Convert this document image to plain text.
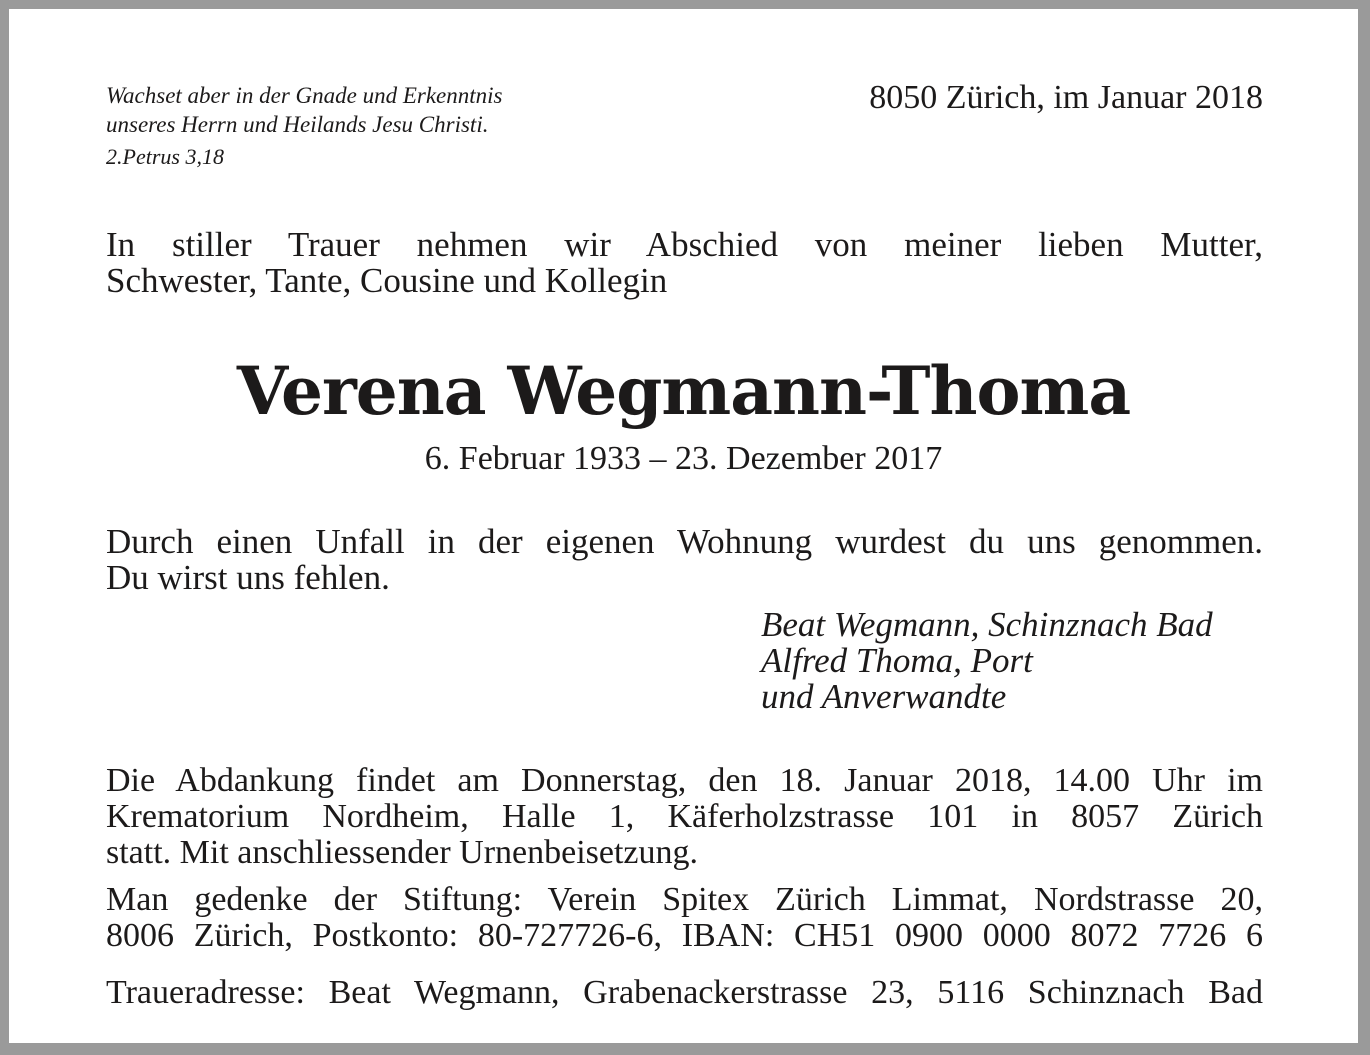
Wachset aber in der Gnade und Erkenntnis
unseres Herrn und Heilands Jesu Christi.
2.Petrus 3,18
8050 Zürich, im Januar 2018
In stiller Trauer nehmen wir Abschied von meiner lieben Mutter,
Schwester, Tante, Cousine und Kollegin
Verena Wegmann-Thoma
6. Februar 1933 – 23. Dezember 2017
Durch einen Unfall in der eigenen Wohnung wurdest du uns genommen.
Du wirst uns fehlen.
Beat Wegmann, Schinznach Bad
Alfred Thoma, Port
und Anverwandte
Die Abdankung findet am Donnerstag, den 18. Januar 2018, 14.00 Uhr im
Krematorium Nordheim, Halle 1, Käferholzstrasse 101 in 8057 Zürich
statt. Mit anschliessender Urnenbeisetzung.
Man gedenke der Stiftung: Verein Spitex Zürich Limmat, Nordstrasse 20,
8006 Zürich, Postkonto: 80-727726-6, IBAN: CH51 0900 0000 8072 7726 6
Traueradresse: Beat Wegmann, Grabenackerstrasse 23, 5116 Schinznach Bad
